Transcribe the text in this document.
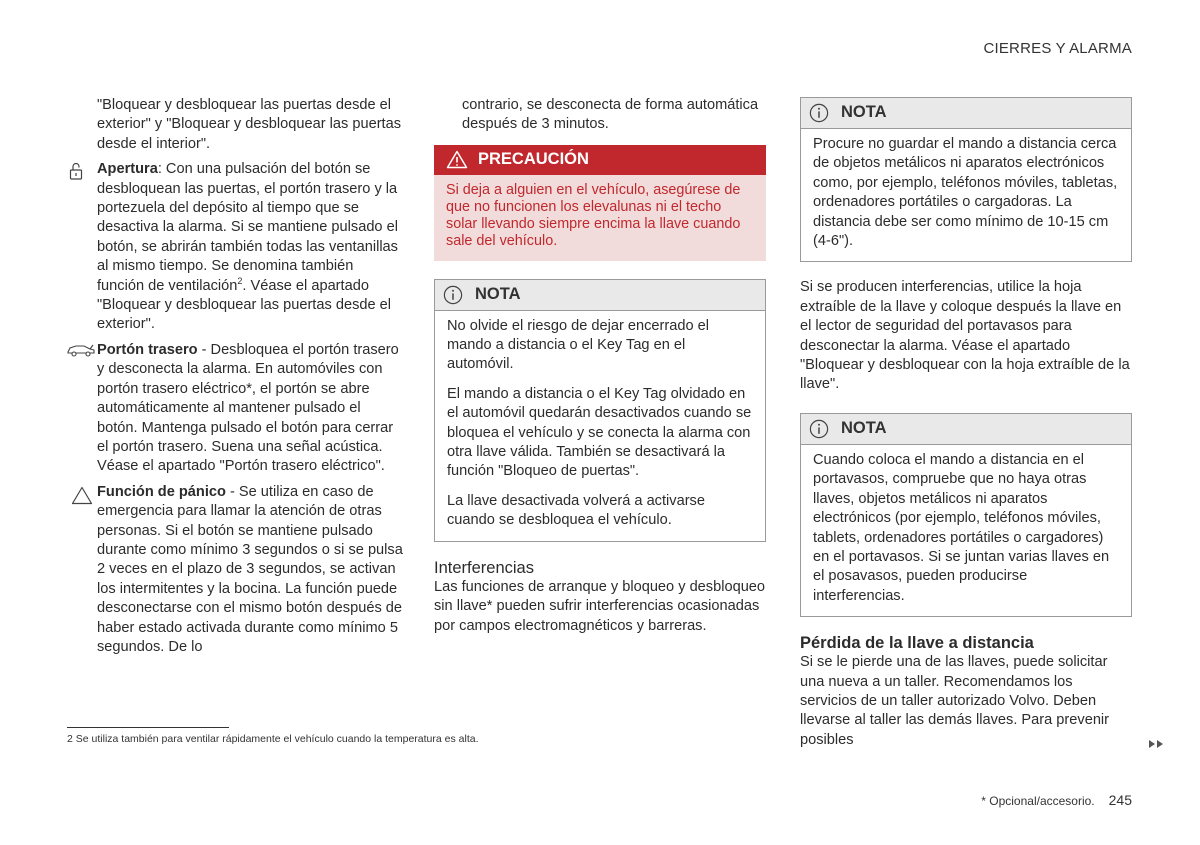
CIERRES Y ALARMA

"Bloquear y desbloquear las puertas desde el exterior" y "Bloquear y desbloquear las puertas desde el interior".

Apertura: Con una pulsación del botón se desbloquean las puertas, el portón trasero y la portezuela del depósito al tiempo que se desactiva la alarma. Si se mantiene pulsado el botón, se abrirán también todas las ventanillas al mismo tiempo. Se denomina también función de ventilación$^2$. Véase el apartado "Bloquear y desbloquear las puertas desde el exterior".

Portón trasero - Desbloquea el portón trasero y desconecta la alarma. En automóviles con portón trasero eléctrico*, el portón se abre automáticamente al mantener pulsado el botón. Mantenga pulsado el botón para cerrar el portón trasero. Suena una señal acústica. Véase el apartado "Portón trasero eléctrico".

Función de pánico - Se utiliza en caso de emergencia para llamar la atención de otras personas. Si el botón se mantiene pulsado durante como mínimo 3 segundos o si se pulsa 2 veces en el plazo de 3 segundos, se activan los intermitentes y la bocina. La función puede desconectarse con el mismo botón después de haber estado activada durante como mínimo 5 segundos. De lo

contrario, se desconecta de forma automática después de 3 minutos.

PRECAUCIÓN
Si deja a alguien en el vehículo, asegúrese de que no funcionen los elevalunas ni el techo solar llevando siempre encima la llave cuando sale del vehículo.
NOTA

No olvide el riesgo de dejar encerrado el mando a distancia o el Key Tag en el automóvil.

El mando a distancia o el Key Tag olvidado en el automóvil quedarán desactivados cuando se bloquea el vehículo y se conecta la alarma con otra llave válida. También se desactivará la función "Bloqueo de puertas".

La llave desactivada volverá a activarse cuando se desbloquea el vehículo.

Interferencias

Las funciones de arranque y bloqueo y desbloqueo sin llave* pueden sufrir interferencias ocasionadas por campos electromagnéticos y barreras.

NOTA
Procure no guardar el mando a distancia cerca de objetos metálicos ni aparatos electrónicos como, por ejemplo, teléfonos móviles, tabletas, ordenadores portátiles o cargadoras. La distancia debe ser como mínimo de 10-15 cm (4-6").

Si se producen interferencias, utilice la hoja extraíble de la llave y coloque después la llave en el lector de seguridad del portavasos para desconectar la alarma. Véase el apartado "Bloquear y desbloquear con la hoja extraíble de la llave".

NOTA
Cuando coloca el mando a distancia en el portavasos, compruebe que no haya otras llaves, objetos metálicos ni aparatos electrónicos (por ejemplo, teléfonos móviles, tablets, ordenadores portátiles o cargadores) en el portavasos. Si se juntan varias llaves en el posavasos, pueden producirse interferencias.
Pérdida de la llave a distancia

Si se le pierde una de las llaves, puede solicitar una nueva a un taller. Recomendamos los servicios de un taller autorizado Volvo. Deben llevarse al taller las demás llaves. Para prevenir posibles

2 Se utiliza también para ventilar rápidamente el vehículo cuando la temperatura es alta.
* Opcional/accesorio. 245
